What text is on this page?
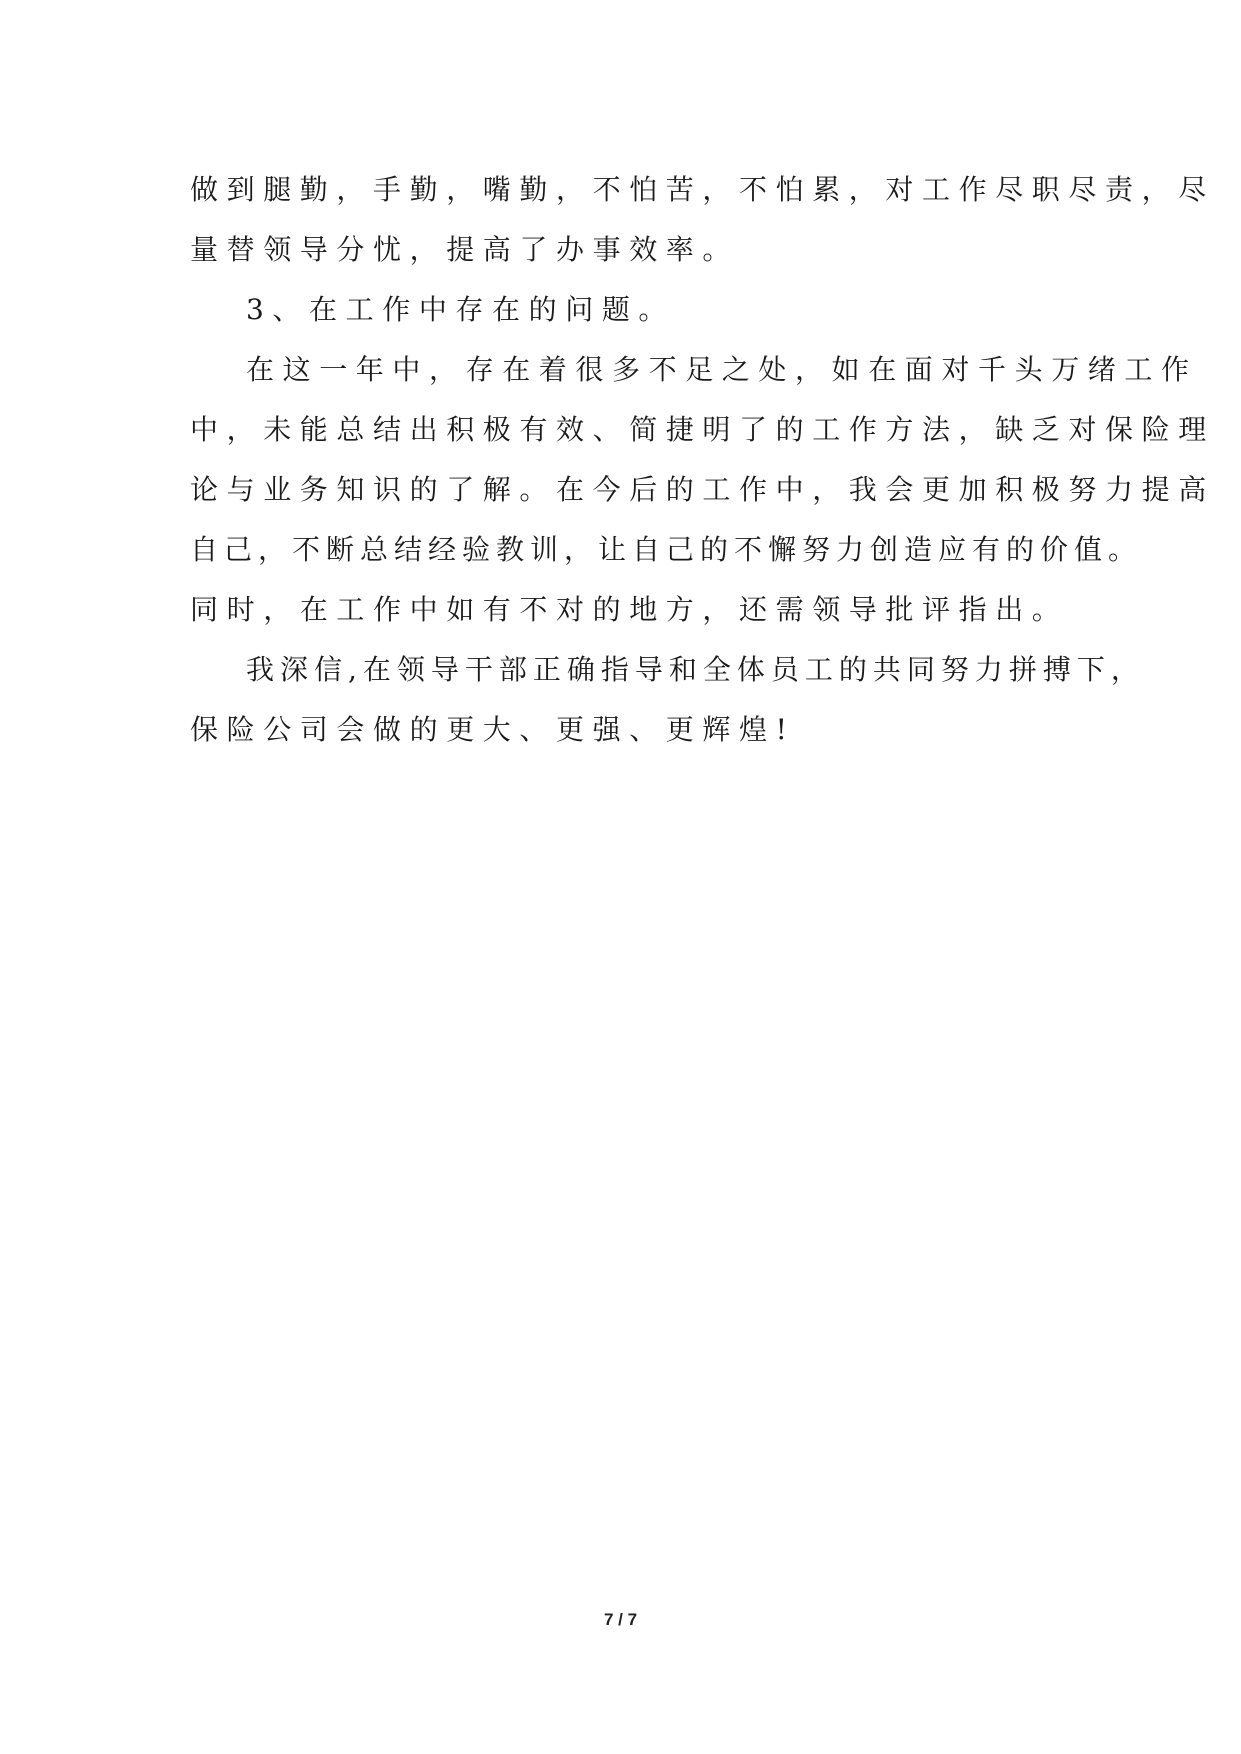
做到腿勤，手勤，嘴勤，不怕苦，不怕累，对工作尽职尽责，尽
量替领导分忧，提高了办事效率。
3、在工作中存在的问题。
在这一年中，存在着很多不足之处，如在面对千头万绪工作
中，未能总结出积极有效、简捷明了的工作方法，缺乏对保险理
论与业务知识的了解。在今后的工作中，我会更加积极努力提高
自己，不断总结经验教训，让自己的不懈努力创造应有的价值。
同时，在工作中如有不对的地方，还需领导批评指出。
我深信,在领导干部正确指导和全体员工的共同努力拼搏下，
保险公司会做的更大、更强、更辉煌!
7 / 7
